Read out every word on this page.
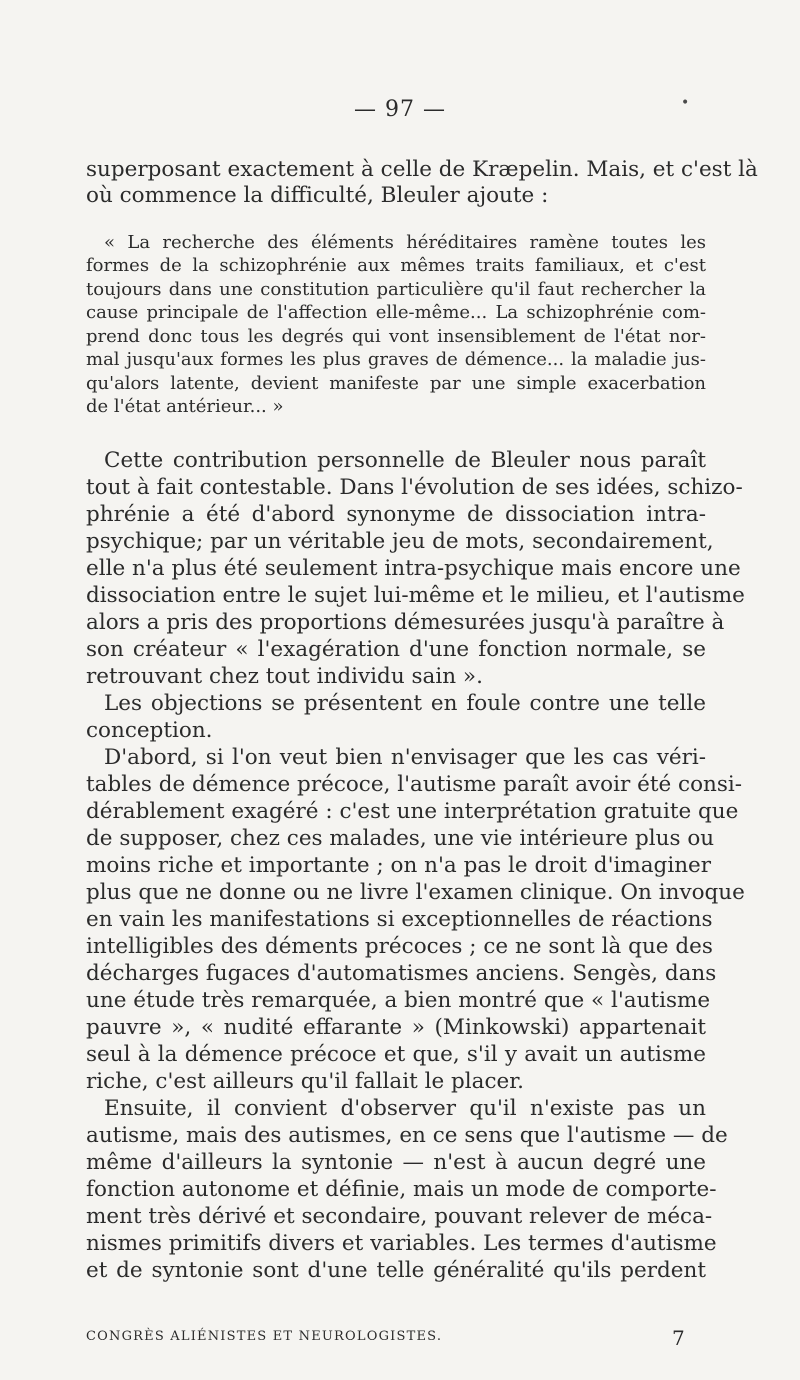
— 97 —	•
superposant exactement à celle de Kræpelin. Mais, et c'est là
où commence la difficulté, Bleuler ajoute :
« La recherche des éléments héréditaires ramène toutes les
formes de la schizophrénie aux mêmes traits familiaux, et c'est
toujours dans une constitution particulière qu'il faut rechercher la
cause principale de l'affection elle-même... La schizophrénie com-
prend donc tous les degrés qui vont insensiblement de l'état nor-
mal jusqu'aux formes les plus graves de démence... la maladie jus-
qu'alors latente, devient manifeste par une simple exacerbation
de l'état antérieur... »
Cette contribution personnelle de Bleuler nous paraît
tout à fait contestable. Dans l'évolution de ses idées, schizo-
phrénie a été d'abord synonyme de dissociation intra-
psychique; par un véritable jeu de mots, secondairement,
elle n'a plus été seulement intra-psychique mais encore une
dissociation entre le sujet lui-même et le milieu, et l'autisme
alors a pris des proportions démesurées jusqu'à paraître à
son créateur « l'exagération d'une fonction normale, se
retrouvant chez tout individu sain ».
Les objections se présentent en foule contre une telle
conception.
D'abord, si l'on veut bien n'envisager que les cas véri-
tables de démence précoce, l'autisme paraît avoir été consi-
dérablement exagéré : c'est une interprétation gratuite que
de supposer, chez ces malades, une vie intérieure plus ou
moins riche et importante ; on n'a pas le droit d'imaginer
plus que ne donne ou ne livre l'examen clinique. On invoque
en vain les manifestations si exceptionnelles de réactions
intelligibles des déments précoces ; ce ne sont là que des
décharges fugaces d'automatismes anciens. Sengès, dans
une étude très remarquée, a bien montré que « l'autisme
pauvre », « nudité effarante » (Minkowski) appartenait
seul à la démence précoce et que, s'il y avait un autisme
riche, c'est ailleurs qu'il fallait le placer.
Ensuite, il convient d'observer qu'il n'existe pas un
autisme, mais des autismes, en ce sens que l'autisme — de
même d'ailleurs la syntonie — n'est à aucun degré une
fonction autonome et définie, mais un mode de comporte-
ment très dérivé et secondaire, pouvant relever de méca-
nismes primitifs divers et variables. Les termes d'autisme
et de syntonie sont d'une telle généralité qu'ils perdent
CONGRÈS ALIÉNISTES ET NEUROLOGISTES.	7
